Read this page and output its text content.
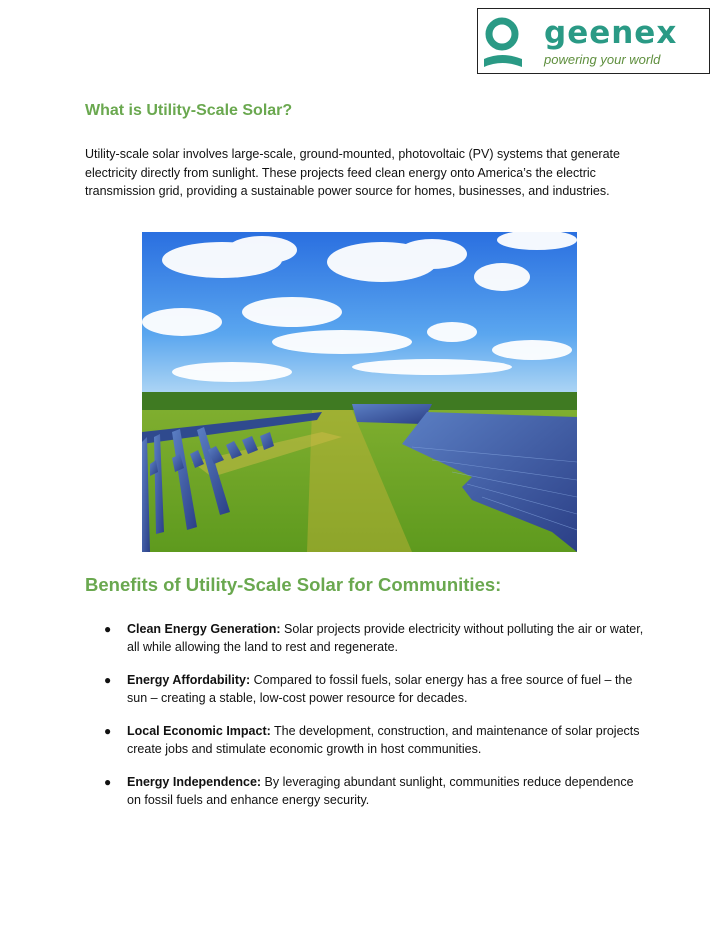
geenex
powering your world
What is Utility-Scale Solar?

Utility-scale solar involves large-scale, ground-mounted, photovoltaic (PV) systems that generate electricity directly from sunlight. These projects feed clean energy onto America’s the electric transmission grid, providing a sustainable power source for homes, businesses, and industries.

Benefits of Utility-Scale Solar for Communities:
● Clean Energy Generation: Solar projects provide electricity without polluting the air or water, all while allowing the land to rest and regenerate.
● Energy Affordability: Compared to fossil fuels, solar energy has a free source of fuel – the sun – creating a stable, low-cost power resource for decades.
● Local Economic Impact: The development, construction, and maintenance of solar projects create jobs and stimulate economic growth in host communities.
● Energy Independence: By leveraging abundant sunlight, communities reduce dependence on fossil fuels and enhance energy security.
